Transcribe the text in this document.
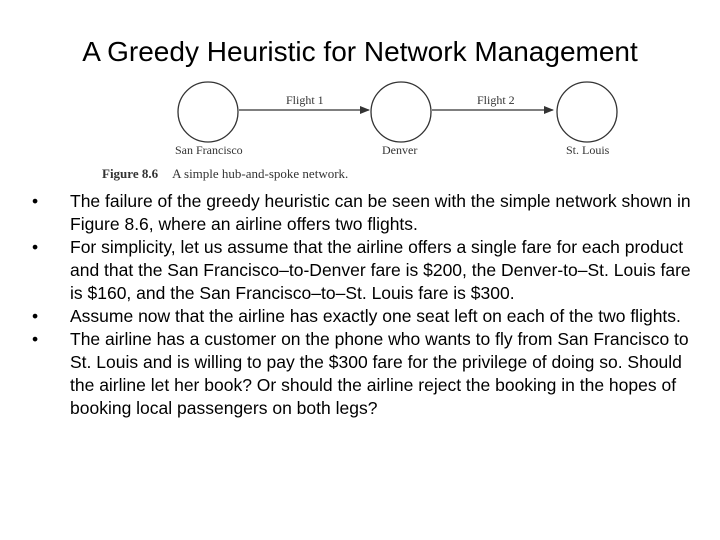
A Greedy Heuristic for Network Management
Flight 1	Flight 2
San Francisco	Denver	St. Louis
Figure 8.6 A simple hub-and-spoke network.
• The failure of the greedy heuristic can be seen with the simple network shown in Figure 8.6, where an airline offers two flights.
• For simplicity, let us assume that the airline offers a single fare for each product and that the San Francisco–to-Denver fare is $200, the Denver-to–St. Louis fare is $160, and the San Francisco–to–St. Louis fare is $300.
• Assume now that the airline has exactly one seat left on each of the two flights.
• The airline has a customer on the phone who wants to fly from San Francisco to St. Louis and is willing to pay the $300 fare for the privilege of doing so. Should the airline let her book? Or should the airline reject the booking in the hopes of booking local passengers on both legs?
